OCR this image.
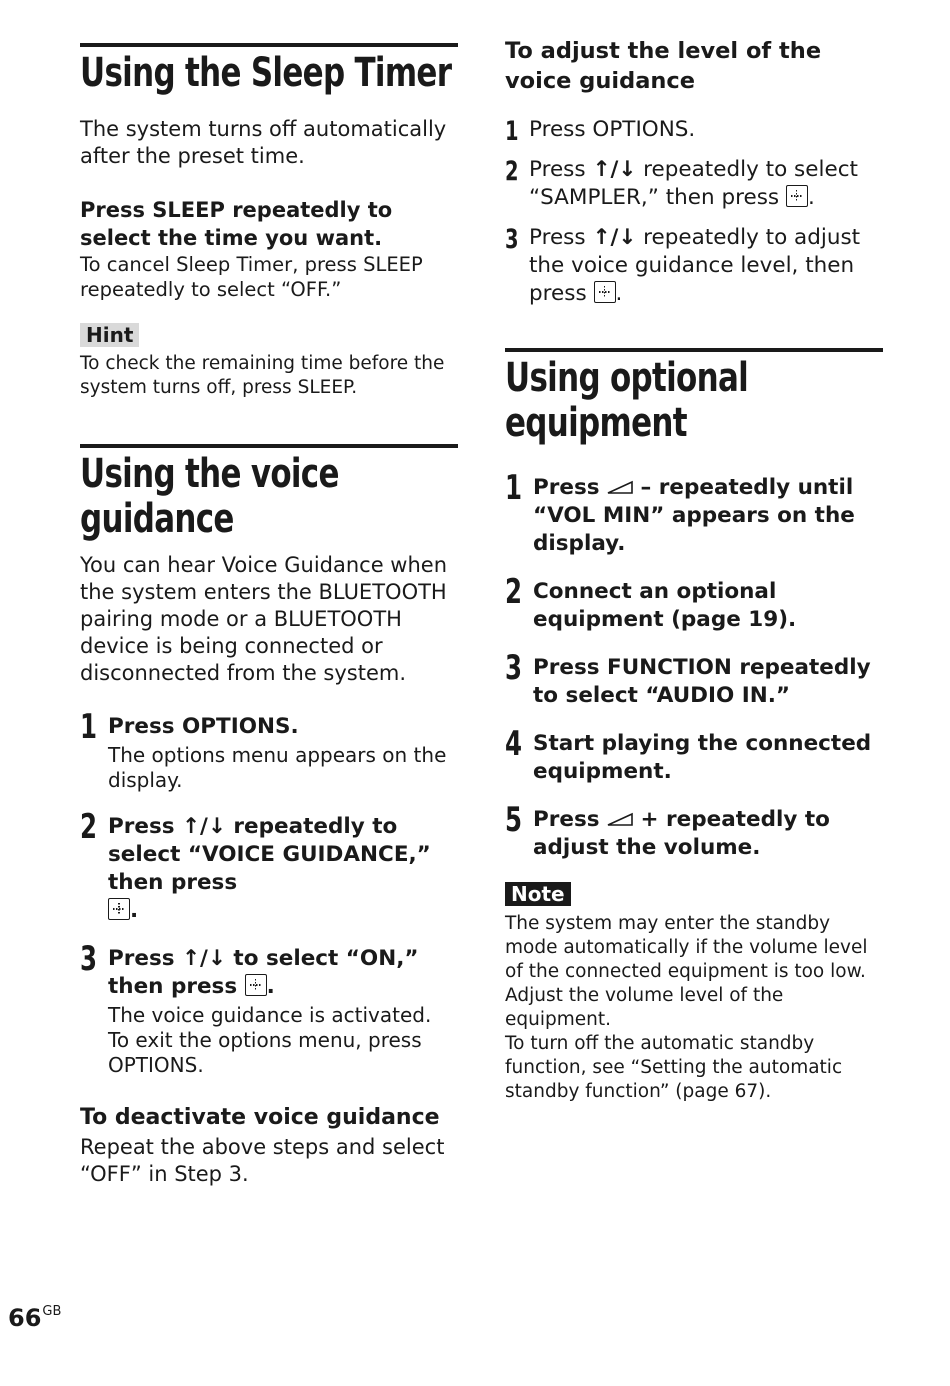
Using the Sleep Timer

The system turns off automatically after the preset time.

Press SLEEP repeatedly to select the time you want.

To cancel Sleep Timer, press SLEEP repeatedly to select “OFF.”

Hint

To check the remaining time before the system turns off, press SLEEP.

Using the voice
guidance

You can hear Voice Guidance when the system enters the BLUETOOTH pairing mode or a BLUETOOTH device is being connected or disconnected from the system.

1 Press OPTIONS.

The options menu appears on the display.

2 Press ↑/↓ repeatedly to select “VOICE GUIDANCE,” then press
.

3 Press ↑/↓ to select “ON,” then press .

The voice guidance is activated. To exit the options menu, press OPTIONS.

To deactivate voice guidance

Repeat the above steps and select “OFF” in Step 3.

To adjust the level of the voice guidance

1 Press OPTIONS.

2 Press ↑/↓ repeatedly to select “SAMPLER,” then press .

3 Press ↑/↓ repeatedly to adjust the voice guidance level, then press .

Using optional
equipment
1 Press – repeatedly until “VOL MIN” appears on the display.

2 Connect an optional equipment (page 19).

3 Press FUNCTION repeatedly to select “AUDIO IN.”

4 Start playing the connected equipment.

5 Press + repeatedly to adjust the volume.

Note

The system may enter the standby mode automatically if the volume level of the connected equipment is too low. Adjust the volume level of the equipment.

To turn off the automatic standby function, see “Setting the automatic standby function” (page 67).

$66^{GB}$
